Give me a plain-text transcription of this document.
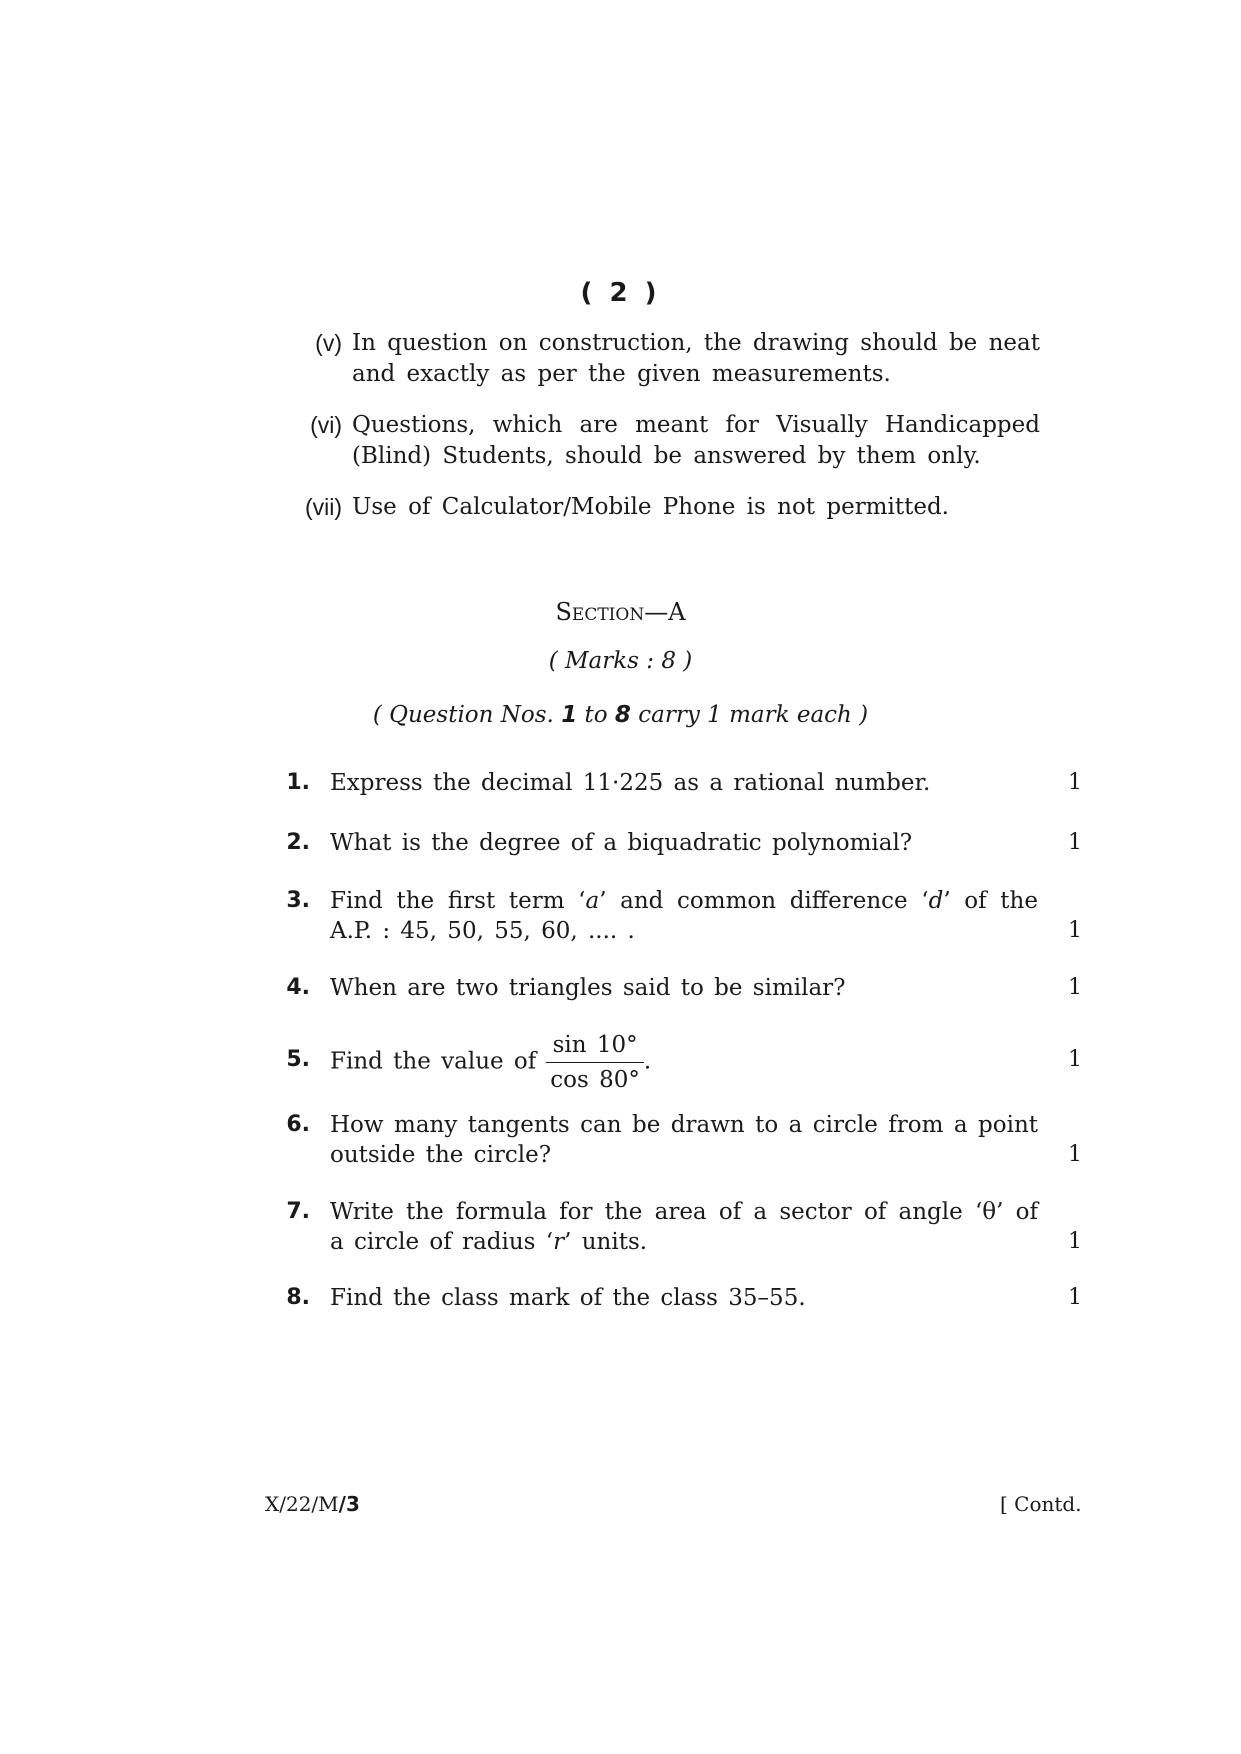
( 2 )
(v) In question on construction, the drawing should be neat and exactly as per the given measurements.
(vi) Questions, which are meant for Visually Handicapped (Blind) Students, should be answered by them only.
(vii) Use of Calculator/Mobile Phone is not permitted.
Section—A
( Marks : 8 )
( Question Nos. 1 to 8 carry 1 mark each )
1. Express the decimal 11·225 as a rational number.	1
2. What is the degree of a biquadratic polynomial?	1
3. Find the first term ‘a’ and common difference ‘d’ of the A.P. : 45, 50, 55, 60, .... .	1
4. When are two triangles said to be similar?	1
5. Find the value of $\frac{\sin 10^\circ}{\cos 80^\circ}$ .	1
6. How many tangents can be drawn to a circle from a point outside the circle?	1
7. Write the formula for the area of a sector of angle ‘θ’ of a circle of radius ‘r’ units.	1
8. Find the class mark of the class 35–55.	1
X/22/M/3	[ Contd.
